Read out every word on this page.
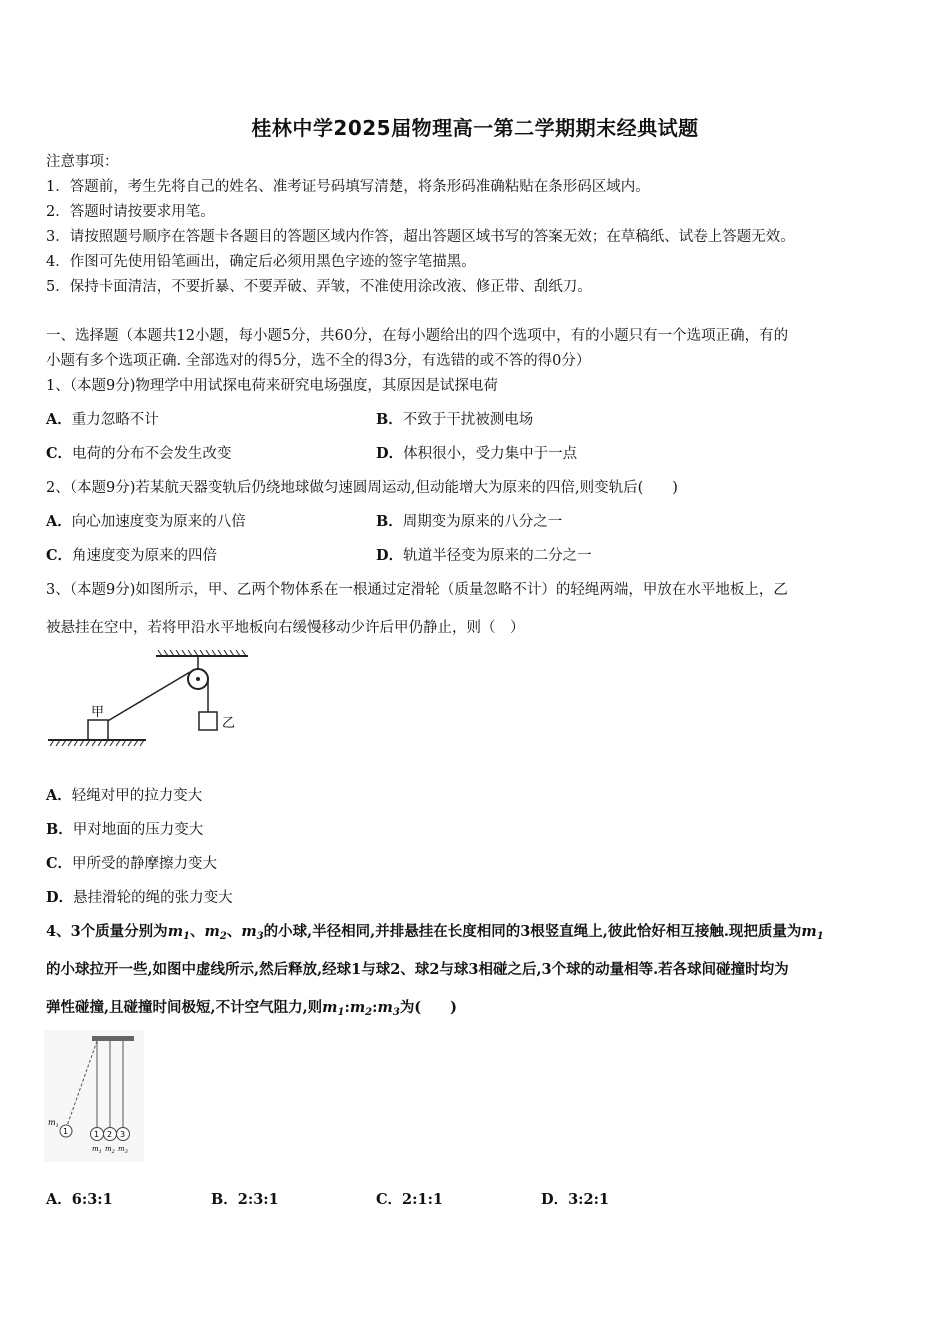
桂林中学2025届物理高一第二学期期末经典试题
注意事项：
1．答题前，考生先将自己的姓名、准考证号码填写清楚，将条形码准确粘贴在条形码区域内。
2．答题时请按要求用笔。
3．请按照题号顺序在答题卡各题目的答题区域内作答，超出答题区域书写的答案无效；在草稿纸、试卷上答题无效。
4．作图可先使用铅笔画出，确定后必须用黑色字迹的签字笔描黑。
5．保持卡面清洁，不要折暴、不要弄破、弄皱，不准使用涂改液、修正带、刮纸刀。
一、选择题（本题共12小题，每小题5分，共60分，在每小题给出的四个选项中，有的小题只有一个选项正确，有的
小题有多个选项正确. 全部选对的得5分，选不全的得3分，有选错的或不答的得0分）
1、（本题9分)物理学中用试探电荷来研究电场强度，其原因是试探电荷
A．重力忽略不计	B．不致于干扰被测电场
C．电荷的分布不会发生改变	D．体积很小，受力集中于一点
2、（本题9分)若某航天器变轨后仍绕地球做匀速圆周运动,但动能增大为原来的四倍,则变轨后(　　)
A．向心加速度变为原来的八倍	B．周期变为原来的八分之一
C．角速度变为原来的四倍	D．轨道半径变为原来的二分之一
3、（本题9分)如图所示，甲、乙两个物体系在一根通过定滑轮（质量忽略不计）的轻绳两端，甲放在水平地板上，乙
被悬挂在空中，若将甲沿水平地板向右缓慢移动少许后甲仍静止，则（　）
乙
甲
A．轻绳对甲的拉力变大
B．甲对地面的压力变大
C．甲所受的静摩擦力变大
D．悬挂滑轮的绳的张力变大
4、3个质量分别为$m_1$、$m_2$、$m_3$的小球,半径相同,并排悬挂在长度相同的3根竖直绳上,彼此恰好相互接触.现把质量为$m_1$
的小球拉开一些,如图中虚线所示,然后释放,经球1与球2、球2与球3相碰之后,3个球的动量相等.若各球间碰撞时均为
弹性碰撞,且碰撞时间极短,不计空气阻力,则$m_1:m_2:m_3$为(　　)
1
$m_1$
1 2 3
$m_1$ $m_2$ $m_3$
A．6:3:1	B．2:3:1	C．2:1:1	D．3:2:1
